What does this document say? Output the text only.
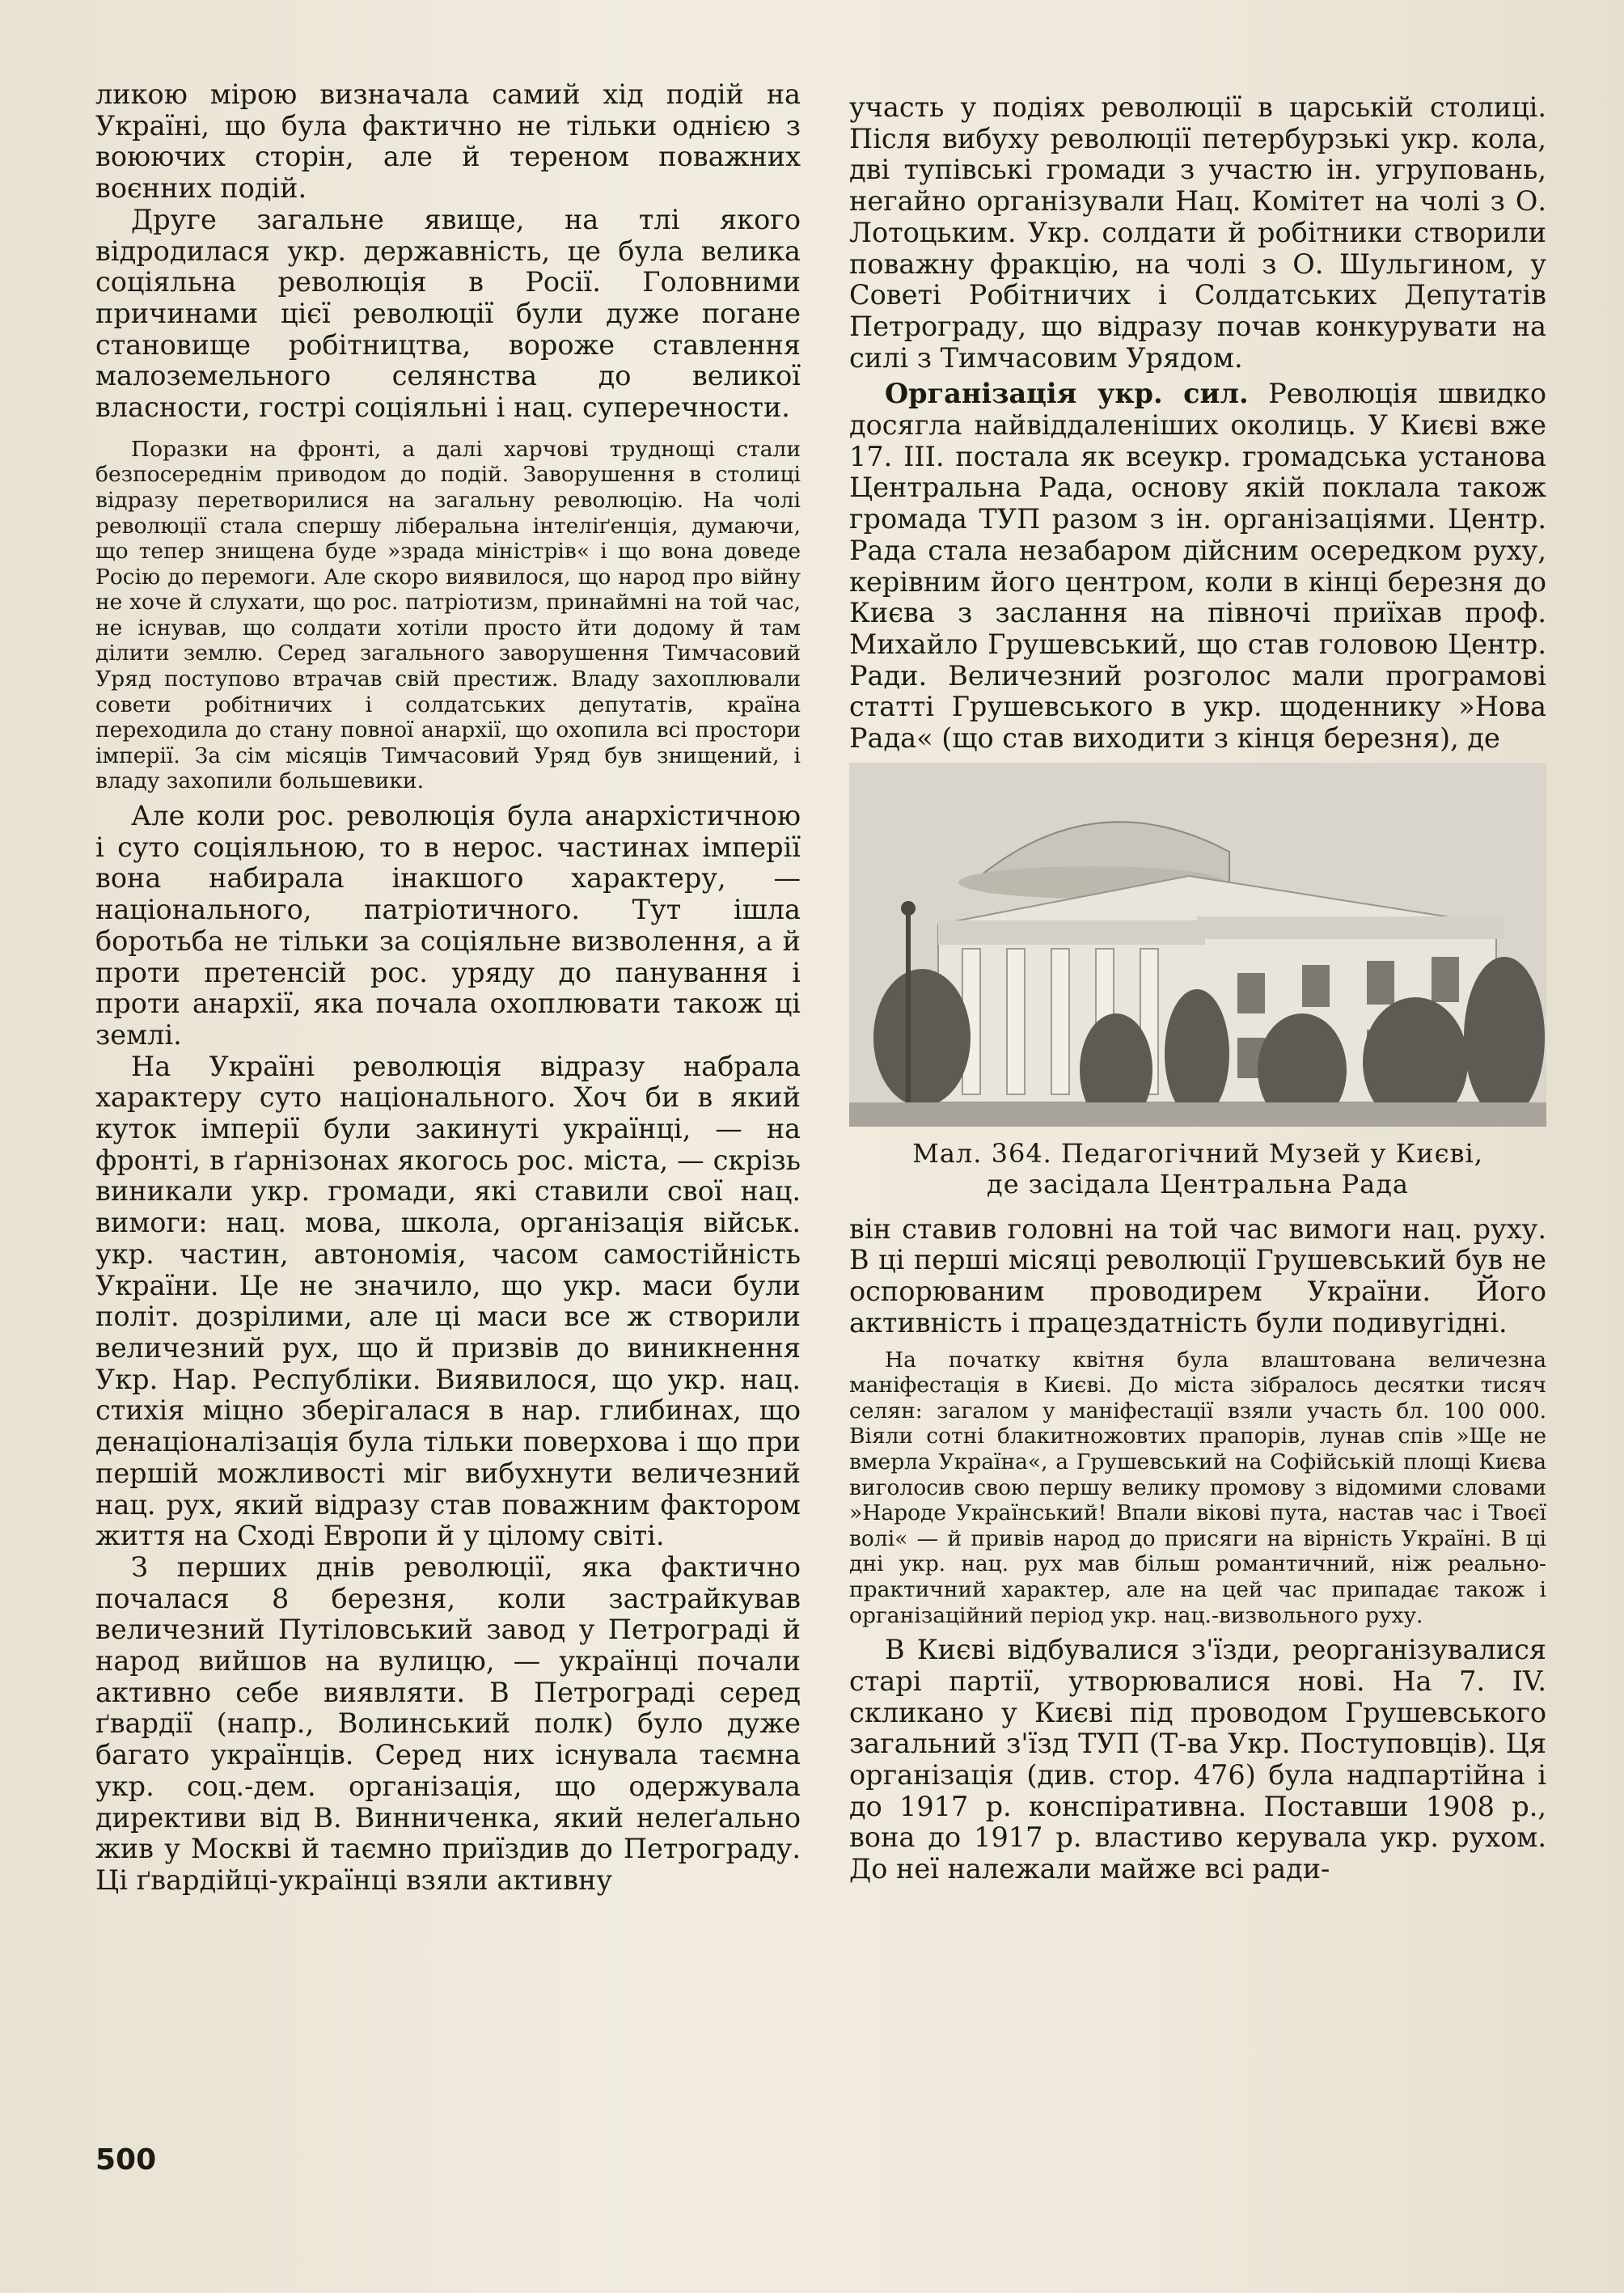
ликою мірою визначала самий хід подій на Україні, що була фактично не тільки однією з воюючих сторін, але й тереном поважних воєнних подій.

Друге загальне явище, на тлі якого відродилася укр. державність, це була велика соціяльна революція в Росії. Головними причинами цієї революції були дуже погане становище робітництва, вороже ставлення малоземельного селянства до великої власности, гострі соціяльні і нац. суперечности.

Поразки на фронті, а далі харчові труднощі стали безпосереднім приводом до подій. Заворушення в столиці відразу перетворилися на загальну революцію. На чолі революції стала спершу ліберальна інтеліґенція, думаючи, що тепер знищена буде »зрада міністрів« і що вона доведе Росію до перемоги. Але скоро виявилося, що народ про війну не хоче й слухати, що рос. патріотизм, принаймні на той час, не існував, що солдати хотіли просто йти додому й там ділити землю. Серед загального заворушення Тимчасовий Уряд поступово втрачав свій престиж. Владу захоплювали совети робітничих і солдатських депутатів, країна переходила до стану повної анархії, що охопила всі простори імперії. За сім місяців Тимчасовий Уряд був знищений, і владу захопили большевики.

Але коли рос. революція була анархістичною і суто соціяльною, то в нерос. частинах імперії вона набирала інакшого характеру, — національного, патріотичного. Тут ішла боротьба не тільки за соціяльне визволення, а й проти претенсій рос. уряду до панування і проти анархії, яка почала охоплювати також ці землі.

На Україні революція відразу набрала характеру суто національного. Хоч би в який куток імперії були закинуті українці, — на фронті, в ґарнізонах якогось рос. міста, — скрізь виникали укр. громади, які ставили свої нац. вимоги: нац. мова, школа, організація військ. укр. частин, автономія, часом самостійність України. Це не значило, що укр. маси були політ. дозрілими, але ці маси все ж створили величезний рух, що й призвів до виникнення Укр. Нар. Республіки. Виявилося, що укр. нац. стихія міцно зберігалася в нар. глибинах, що денаціоналізація була тільки поверхова і що при першій можливості міг вибухнути величезний нац. рух, який відразу став поважним фактором життя на Сході Европи й у цілому світі.

З перших днів революції, яка фактично почалася 8 березня, коли застрайкував величезний Путілoвський завод у Петрограді й народ вийшов на вулицю, — українці почали активно себе виявляти. В Петрограді серед ґвардії (напр., Волинський полк) було дуже багато українців. Серед них існувала таємна укр. соц.-дем. організація, що одержувала директиви від В. Винниченка, який нелеґально жив у Москві й таємно приїздив до Петрограду. Ці ґвардійці-українці взяли активну

участь у подіях революції в царській столиці. Після вибуху революції петербурзькі укр. кола, дві тупівські громади з участю ін. угруповань, негайно організували Нац. Комітет на чолі з О. Лотоцьким. Укр. солдати й робітники створили поважну фракцію, на чолі з О. Шульгином, у Советі Робітничих і Солдатських Депутатів Петрограду, що відразу почав конкурувати на силі з Тимчасовим Урядом.

Організація укр. сил. Революція швидко досягла найвіддаленіших околиць. У Києві вже 17. III. постала як всеукр. громадська установа Центральна Рада, основу якій поклала також громада ТУП разом з ін. організаціями. Центр. Рада стала незабаром дійсним осередком руху, керівним його центром, коли в кінці березня до Києва з заслання на півночі приїхав проф. Михайло Грушевський, що став головою Центр. Ради. Величезний розголос мали програмові статті Грушевського в укр. щоденнику »Нова Рада« (що став виходити з кінця березня), де

Мал. 364. Педагогічний Музей у Києві,
де засідала Центральна Рада

він ставив головні на той час вимоги нац. руху. В ці перші місяці революції Грушевський був не оспорюваним проводирем України. Його активність і працездатність були подивугідні.

На початку квітня була влаштована величезна маніфестація в Києві. До міста зібралось десятки тисяч селян: загалом у маніфестації взяли участь бл. 100 000. Віяли сотні блакитножовтих прапорів, лунав спів »Ще не вмерла Україна«, а Грушевський на Софійській площі Києва виголосив свою першу велику промову з відомими словами »Народе Український! Впали вікові пута, настав час і Твоєї волі« — й привів народ до присяги на вірність Україні. В ці дні укр. нац. рух мав більш романтичний, ніж реально-практичний характер, але на цей час припадає також і організаційний період укр. нац.-визвольного руху.

В Києві відбувалися з'їзди, реорганізувалися старі партії, утворювалися нові. На 7. IV. скликано у Києві під проводом Грушевського загальний з'їзд ТУП (Т-ва Укр. Поступовців). Ця організація (див. стор. 476) була надпартійна і до 1917 р. конспіративна. Поставши 1908 р., вона до 1917 р. властиво керувала укр. рухом. До неї належали майже всі ради-

500
